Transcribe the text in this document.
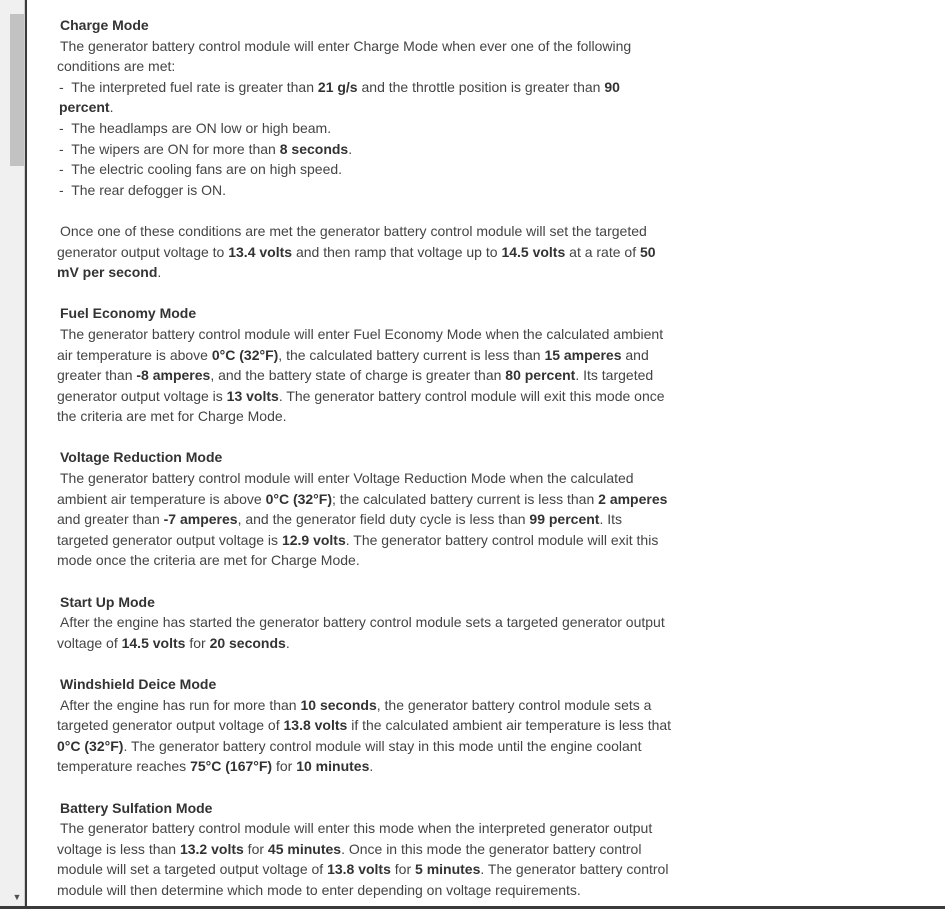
▼
Charge Mode
The generator battery control module will enter Charge Mode when ever one of the following conditions are met:
-  The interpreted fuel rate is greater than 21 g/s and the throttle position is greater than 90 percent.
-  The headlamps are ON low or high beam.
-  The wipers are ON for more than 8 seconds.
-  The electric cooling fans are on high speed.
-  The rear defogger is ON.
Once one of these conditions are met the generator battery control module will set the targeted generator output voltage to 13.4 volts and then ramp that voltage up to 14.5 volts at a rate of 50 mV per second.
Fuel Economy Mode
The generator battery control module will enter Fuel Economy Mode when the calculated ambient air temperature is above 0°C (32°F), the calculated battery current is less than 15 amperes and greater than -8 amperes, and the battery state of charge is greater than 80 percent. Its targeted generator output voltage is 13 volts. The generator battery control module will exit this mode once the criteria are met for Charge Mode.
Voltage Reduction Mode
The generator battery control module will enter Voltage Reduction Mode when the calculated ambient air temperature is above 0°C (32°F); the calculated battery current is less than 2 amperes and greater than -7 amperes, and the generator field duty cycle is less than 99 percent. Its targeted generator output voltage is 12.9 volts. The generator battery control module will exit this mode once the criteria are met for Charge Mode.
Start Up Mode
After the engine has started the generator battery control module sets a targeted generator output voltage of 14.5 volts for 20 seconds.
Windshield Deice Mode
After the engine has run for more than 10 seconds, the generator battery control module sets a targeted generator output voltage of 13.8 volts if the calculated ambient air temperature is less that 0°C (32°F). The generator battery control module will stay in this mode until the engine coolant temperature reaches 75°C (167°F) for 10 minutes.
Battery Sulfation Mode
The generator battery control module will enter this mode when the interpreted generator output voltage is less than 13.2 volts for 45 minutes. Once in this mode the generator battery control module will set a targeted output voltage of 13.8 volts for 5 minutes. The generator battery control module will then determine which mode to enter depending on voltage requirements.
